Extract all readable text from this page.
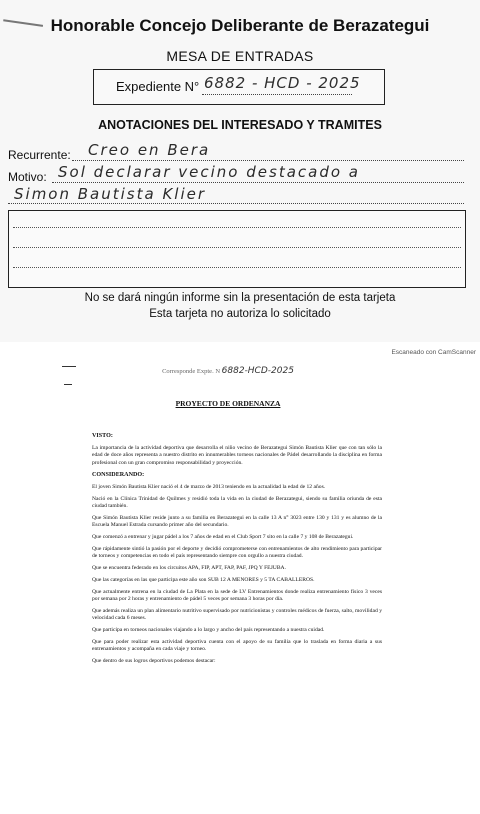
Honorable Concejo Deliberante de Berazategui
MESA DE ENTRADAS
Expediente N° 6882 - HCD - 2025
ANOTACIONES DEL INTERESADO Y TRAMITES
Recurrente: Creo en Bera
Motivo: Sol declarar vecino destacado a
Simon Bautista Klier
No se dará ningún informe sin la presentación de esta tarjeta
Esta tarjeta no autoriza lo solicitado
Escaneado con CamScanner
Corresponde Expte. N 6882-HCD-2025
PROYECTO DE ORDENANZA
VISTO:

La importancia de la actividad deportiva que desarrolla el niño vecino de Berazategui Simón Bautista Klier que con tan sólo la edad de doce años representa a nuestro distrito en innumerables torneos nacionales de Pádel desarrollando la disciplina en forma profesional con un gran compromiso responsabilidad y proyección.

CONSIDERANDO:

El joven Simón Bautista Klier nació el 4 de marzo de 2013 teniendo en la actualidad la edad de 12 años.

Nació en la Clínica Trinidad de Quilmes y residió toda la vida en la ciudad de Berazategui, siendo su familia oriunda de esta ciudad también.

Que Simón Bautista Klier reside junto a su familia en Berazategui en la calle 13 A n° 3023 entre 130 y 131 y es alumno de la Escuela Manuel Estrada cursando primer año del secundario.

Que comenzó a entrenar y jugar pádel a los 7 años de edad en el Club Sport 7 sito en la calle 7 y 108 de Berazategui.

Que rápidamente sintió la pasión por el deporte y decidió comprometerse con entrenamientos de alto rendimiento para participar de torneos y competencias en todo el país representando siempre con orgullo a nuestra ciudad.

Que se encuentra federado en los circuitos APA, FIP, APT, FAP, PAF, JPQ Y FEJUBA.

Que las categorías en las que participa este año son SUB 12 A MENORES y 5 TA CABALLEROS.

Que actualmente entrena en la ciudad de La Plata en la sede de LV Entrenamientos donde realiza entrenamiento físico 3 veces por semana por 2 horas y entrenamiento de pádel 5 veces por semana 3 horas por día.

Que además realiza un plan alimentario nutritivo supervisado por nutricionistas y controles médicos de fuerza, salto, movilidad y velocidad cada 6 meses.

Que participa en torneos nacionales viajando a lo largo y ancho del país representando a nuestra cuidad.

Que para poder realizar esta actividad deportiva cuenta con el apoyo de su familia que lo traslada en forma diaria a sus entrenamientos y acompaña en cada viaje y torneo.

Que dentro de sus logros deportivos podemos destacar:
